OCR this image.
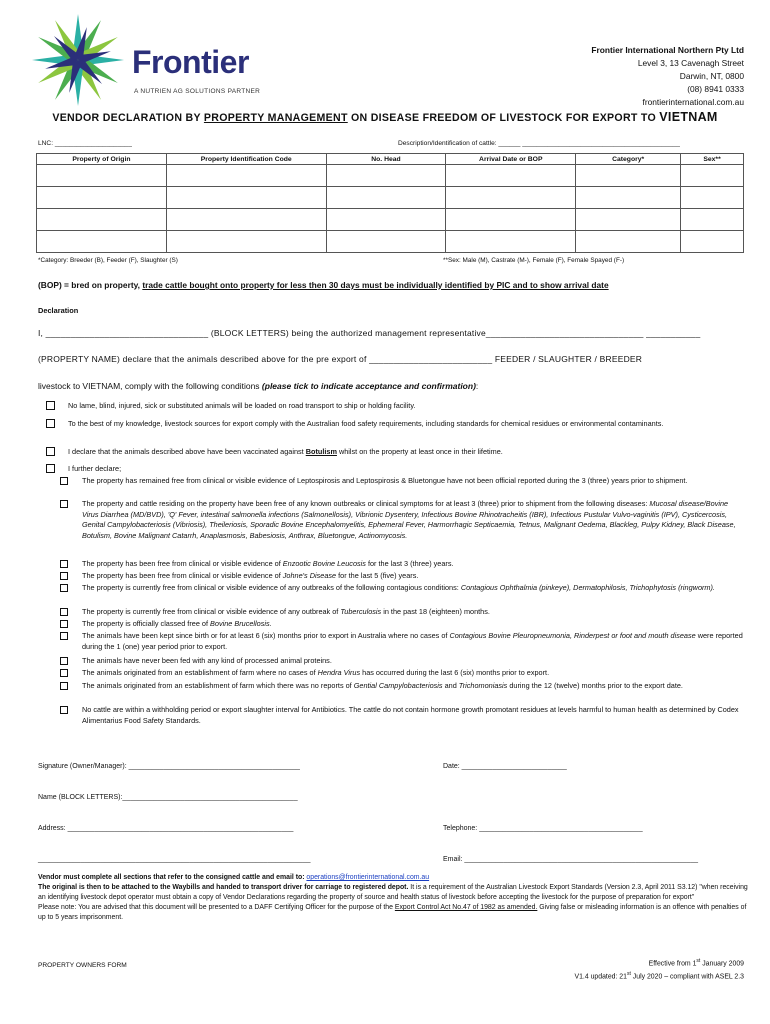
Frontier
A NUTRIEN AG SOLUTIONS PARTNER
Frontier International Northern Pty Ltd
Level 3, 13 Cavenagh Street
Darwin, NT, 0800
(08) 8941 0333
frontierinternational.com.au
VENDOR DECLARATION BY PROPERTY MANAGEMENT ON DISEASE FREEDOM OF LIVESTOCK FOR EXPORT TO VIETNAM
LNC: _____________________	Description/Identification of cattle: ______ ___________________________________________
Property of Origin	Property Identification Code	No. Head	Arrival Date or BOP	Category*	Sex**

*Category: Breeder (B), Feeder (F), Slaughter (S)	**Sex: Male (M), Castrate (M-), Female (F), Female Spayed (F-)
(BOP) = bred on property, trade cattle bought onto property for less then 30 days must be individually identified by PIC and to show arrival date
Declaration
I, _________________________________ (BLOCK LETTERS) being the authorized management representative________________________________ ___________
(PROPERTY NAME) declare that the animals described above for the pre export of _________________________ FEEDER / SLAUGHTER / BREEDER
livestock to VIETNAM, comply with the following conditions (please tick to indicate acceptance and confirmation):
No lame, blind, injured, sick or substituted animals will be loaded on road transport to ship or holding facility.
To the best of my knowledge, livestock sources for export comply with the Australian food safety requirements, including standards for chemical residues or environmental contaminants.
I declare that the animals described above have been vaccinated against Botulism whilst on the property at least once in their lifetime.
I further declare;
The property has remained free from clinical or visible evidence of Leptospirosis and Leptospirosis & Bluetongue have not been official reported during the 3 (three) years prior to shipment.
The property and cattle residing on the property have been free of any known outbreaks or clinical symptoms for at least 3 (three) prior to shipment from the following diseases: Mucosal disease/Bovine Virus Diarrhea (MD/BVD), 'Q' Fever, intestinal salmonella infections (Salmonellosis), Vibrionic Dysentery, Infectious Bovine Rhinotracheitis (IBR), Infectious Pustular Vulvo-vaginitis (IPV), Cysticercosis, Genital Campylobacteriosis (Vibriosis), Theileriosis, Sporadic Bovine Encephalomyelitis, Ephemeral Fever, Harmorrhagic Septicaemia, Tetnus, Malignant Oedema, Blackleg, Pulpy Kidney, Black Disease, Botulism, Bovine Malignant Catarrh, Anaplasmosis, Babesiosis, Anthrax, Bluetongue, Actinomycosis.
The property has been free from clinical or visible evidence of Enzootic Bovine Leucosis for the last 3 (three) years.
The property has been free from clinical or visible evidence of Johne's Disease for the last 5 (five) years.
The property is currently free from clinical or visible evidence of any outbreaks of the following contagious conditions: Contagious Ophthalmia (pinkeye), Dermatophilosis, Trichophytosis (ringworm).
The property is currently free from clinical or visible evidence of any outbreak of Tuberculosis in the past 18 (eighteen) months.
The property is officially classed free of Bovine Brucellosis.
The animals have been kept since birth or for at least 6 (six) months prior to export in Australia where no cases of Contagious Bovine Pleuropneumonia, Rinderpest or foot and mouth disease were reported during the 1 (one) year period prior to export.
The animals have never been fed with any kind of processed animal proteins.
The animals originated from an establishment of farm where no cases of Hendra Virus has occurred during the last 6 (six) months prior to export.
The animals originated from an establishment of farm which there was no reports of Gential Campylobacteriosis and Trichomoniasis during the 12 (twelve) months prior to the export date.
No cattle are within a withholding period or export slaughter interval for Antibiotics. The cattle do not contain hormone growth promotant residues at levels harmful to human health as determined by Codex Alimentarius Food Safety Standards.
Signature (Owner/Manager): ____________________________________________	Date: ___________________________
Name (BLOCK LETTERS):_____________________________________________
Address: __________________________________________________________	Telephone: __________________________________________
______________________________________________________________________	Email: ____________________________________________________________
Vendor must complete all sections that refer to the consigned cattle and email to: operations@frontierinternational.com.au
The original is then to be attached to the Waybills and handed to transport driver for carriage to registered depot. It is a requirement of the Australian Livestock Export Standards (Version 2.3, April 2011 S3.12) "when receiving an identifying livestock depot operator must obtain a copy of Vendor Declarations regarding the property of source and health status of livestock before accepting the livestock for the purpose of preparation for export"
Please note: You are advised that this document will be presented to a DAFF Certifying Officer for the purpose of the Export Control Act No.47 of 1982 as amended. Giving false or misleading information is an offence with penalties of up to 5 years imprisonment.
PROPERTY OWNERS FORM	Effective from 1st January 2009
V1.4 updated: 21st July 2020 – compliant with ASEL 2.3
